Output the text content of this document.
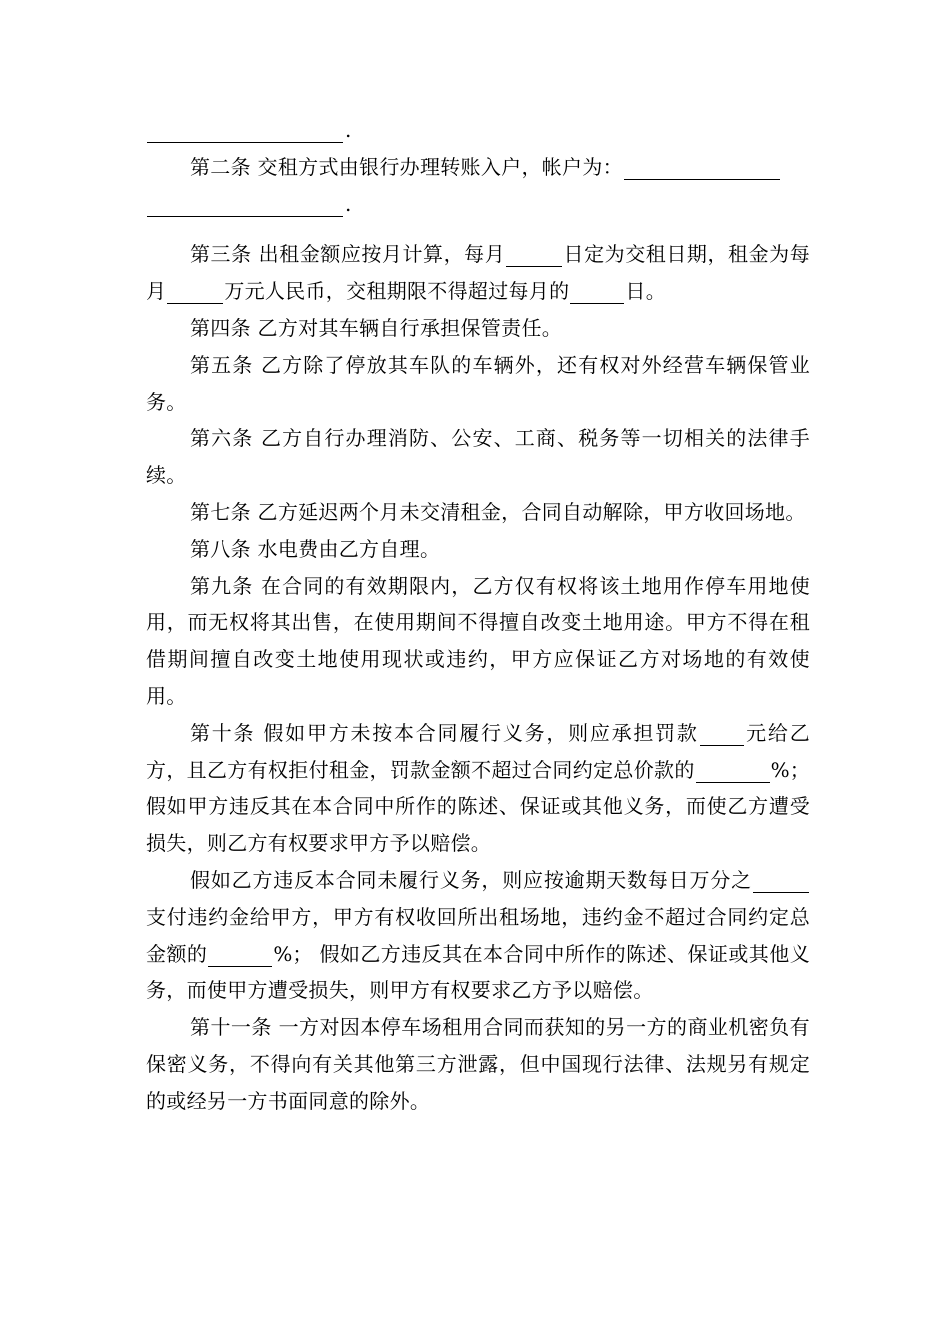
.

第二条 交租方式由银行办理转账入户，帐户为：

.

第三条 出租金额应按月计算，每月	日定为交租日期，租金为每月	万元人民币，交租期限不得超过每月的	日。

第四条 乙方对其车辆自行承担保管责任。

第五条 乙方除了停放其车队的车辆外，还有权对外经营车辆保管业务。

第六条 乙方自行办理消防、公安、工商、税务等一切相关的法律手续。

第七条 乙方延迟两个月未交清租金，合同自动解除，甲方收回场地。

第八条 水电费由乙方自理。

第九条 在合同的有效期限内，乙方仅有权将该土地用作停车用地使用，而无权将其出售，在使用期间不得擅自改变土地用途。甲方不得在租借期间擅自改变土地使用现状或违约，甲方应保证乙方对场地的有效使用。

第十条 假如甲方未按本合同履行义务，则应承担罚款 元给乙方，且乙方有权拒付租金，罚款金额不超过合同约定总价款的	%；假如甲方违反其在本合同中所作的陈述、保证或其他义务，而使乙方遭受损失，则乙方有权要求甲方予以赔偿。

假如乙方违反本合同未履行义务，则应按逾期天数每日万分之支付违约金给甲方，甲方有权收回所出租场地，违约金不超过合同约定总金额的	%； 假如乙方违反其在本合同中所作的陈述、保证或其他义务，而使甲方遭受损失，则甲方有权要求乙方予以赔偿。

第十一条 一方对因本停车场租用合同而获知的另一方的商业机密负有保密义务，不得向有关其他第三方泄露，但中国现行法律、法规另有规定的或经另一方书面同意的除外。
